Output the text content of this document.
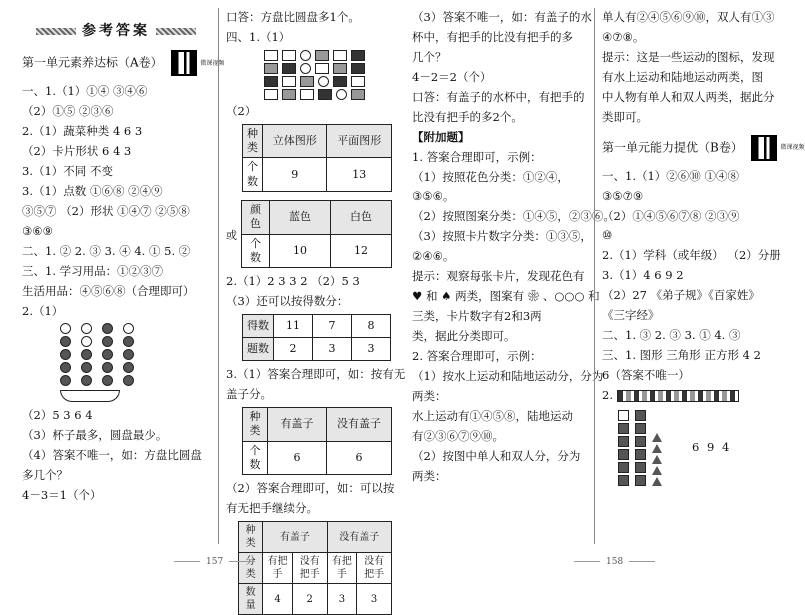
参考答案
第一单元素养达标（A卷）	微课视频

一、1.（1）①④ ③④⑥

（2）①⑤ ②③⑥

2.（1）蔬菜种类 4 6 3

（2）卡片形状 6 4 3

3.（1）不同 不变

3.（1）点数 ①⑥⑧ ②④⑨

③⑤⑦ （2）形状 ①④⑦ ②⑤⑧

③⑥⑨

二、1. ② 2. ③ 3. ④ 4. ① 5. ②

三、1. 学习用品：①②③⑦

生活用品：④⑤⑥⑧（合理即可）

2.（1）

（2）5 3 6 4

（3）杯子最多，圆盘最少。

（4）答案不唯一，如：方盘比圆盘

多几个？

4－3＝1（个）

口答：方盘比圆盘多1个。

四、1.（1）

（2）

种类	立体图形	平面图形
个数	9	13
或
颜色	蓝色	白色
个数	10	12

2.（1）2 3 3 2 （2）5 3

（3）还可以按得数分：

得数	11	7	8
题数	2	3	3

3.（1）答案合理即可，如：按有无

盖子分。

种类	有盖子	没有盖子
个数	6	6

（2）答案合理即可，如：可以按

有无把手继续分。

种类	有盖子		没有盖子	
分类	有把手	没有把手	有把手	没有把手
数量	4	2	3	3
157

（3）答案不唯一，如：有盖子的水

杯中，有把手的比没有把手的多

几个？

4－2＝2（个）

口答：有盖子的水杯中，有把手的

比没有把手的多2个。

【附加题】

1. 答案合理即可，示例：

（1）按照花色分类：①②④，

③⑤⑥。

（2）按照图案分类：①④⑤，②③⑥。

（3）按照卡片数字分类：①③⑤，

②④⑥。

提示：观察每张卡片，发现花色有

♥ 和 ♠ 两类，图案有 ❀ 、○○○ 和

三类，卡片数字有2和3两

类，据此分类即可。

2. 答案合理即可，示例：

（1）按水上运动和陆地运动分，分为

两类：

水上运动有①④⑤⑧，陆地运动

有②③⑥⑦⑨⑩。

（2）按图中单人和双人分，分为

两类：

单人有②④⑤⑥⑨⑩，双人有①③

④⑦⑧。

提示：这是一些运动的图标，发现

有水上运动和陆地运动两类，图

中人物有单人和双人两类，据此分

类即可。

第一单元能力提优（B卷）	微课视频

一、1.（1）②⑥⑩ ①④⑧

③⑤⑦⑨

（2）①④⑤⑥⑦⑧ ②③⑨

⑩

2.（1）学科（或年级） （2）分册

3.（1）4 6 9 2

（2）27 《弟子规》《百家姓》

《三字经》

二、1. ③ 2. ③ 3. ① 4. ③

三、1. 图形 三角形 正方形 4 2

6（答案不唯一）

2.

6 9 4
158
